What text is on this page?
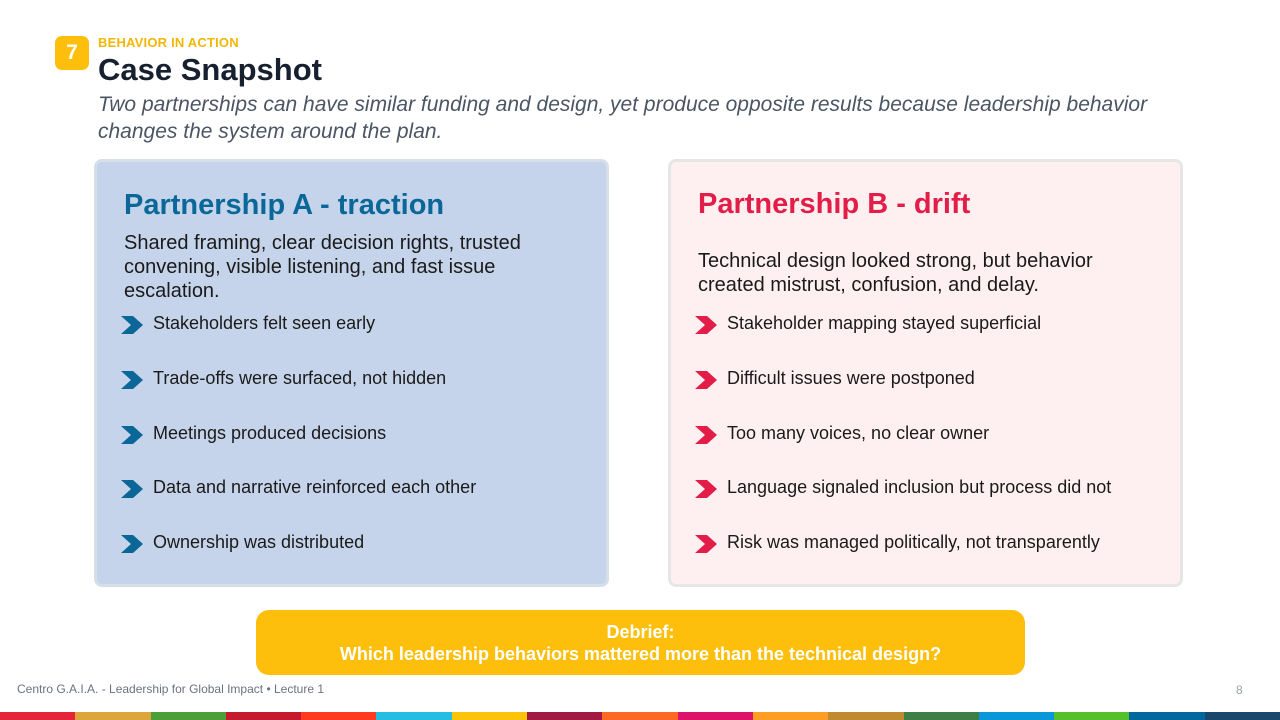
7	BEHAVIOR IN ACTION
Case Snapshot

Two partnerships can have similar funding and design, yet produce opposite results because leadership behavior changes the system around the plan.

Partnership A - traction

Shared framing, clear decision rights, trusted convening, visible listening, and fast issue escalation.

Stakeholders felt seen early
Trade-offs were surfaced, not hidden
Meetings produced decisions
Data and narrative reinforced each other
Ownership was distributed
Partnership B - drift

Technical design looked strong, but behavior created mistrust, confusion, and delay.

Stakeholder mapping stayed superficial
Difficult issues were postponed
Too many voices, no clear owner
Language signaled inclusion but process did not
Risk was managed politically, not transparently
Debrief:
Which leadership behaviors mattered more than the technical design?
Centro G.A.I.A. - Leadership for Global Impact • Lecture 1	8
